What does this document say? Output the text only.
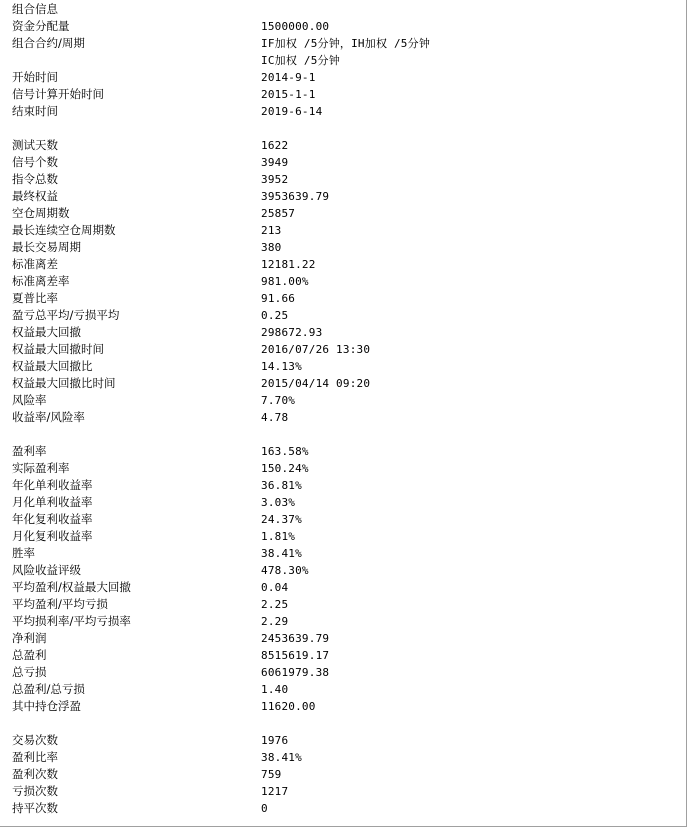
组合信息
资金分配量	1500000.00
组合合约/周期	IF加权 /5分钟，IH加权 /5分钟
IC加权 /5分钟
开始时间	2014-9-1
信号计算开始时间	2015-1-1
结束时间	2019-6-14
测试天数	1622
信号个数	3949
指令总数	3952
最终权益	3953639.79
空仓周期数	25857
最长连续空仓周期数	213
最长交易周期	380
标准离差	12181.22
标准离差率	981.00%
夏普比率	91.66
盈亏总平均/亏损平均	0.25
权益最大回撤	298672.93
权益最大回撤时间	2016/07/26 13:30
权益最大回撤比	14.13%
权益最大回撤比时间	2015/04/14 09:20
风险率	7.70%
收益率/风险率	4.78
盈利率	163.58%
实际盈利率	150.24%
年化单利收益率	36.81%
月化单利收益率	3.03%
年化复利收益率	24.37%
月化复利收益率	1.81%
胜率	38.41%
风险收益评级	478.30%
平均盈利/权益最大回撤	0.04
平均盈利/平均亏损	2.25
平均损利率/平均亏损率	2.29
净利润	2453639.79
总盈利	8515619.17
总亏损	6061979.38
总盈利/总亏损	1.40
其中持仓浮盈	11620.00
交易次数	1976
盈利比率	38.41%
盈利次数	759
亏损次数	1217
持平次数	0
